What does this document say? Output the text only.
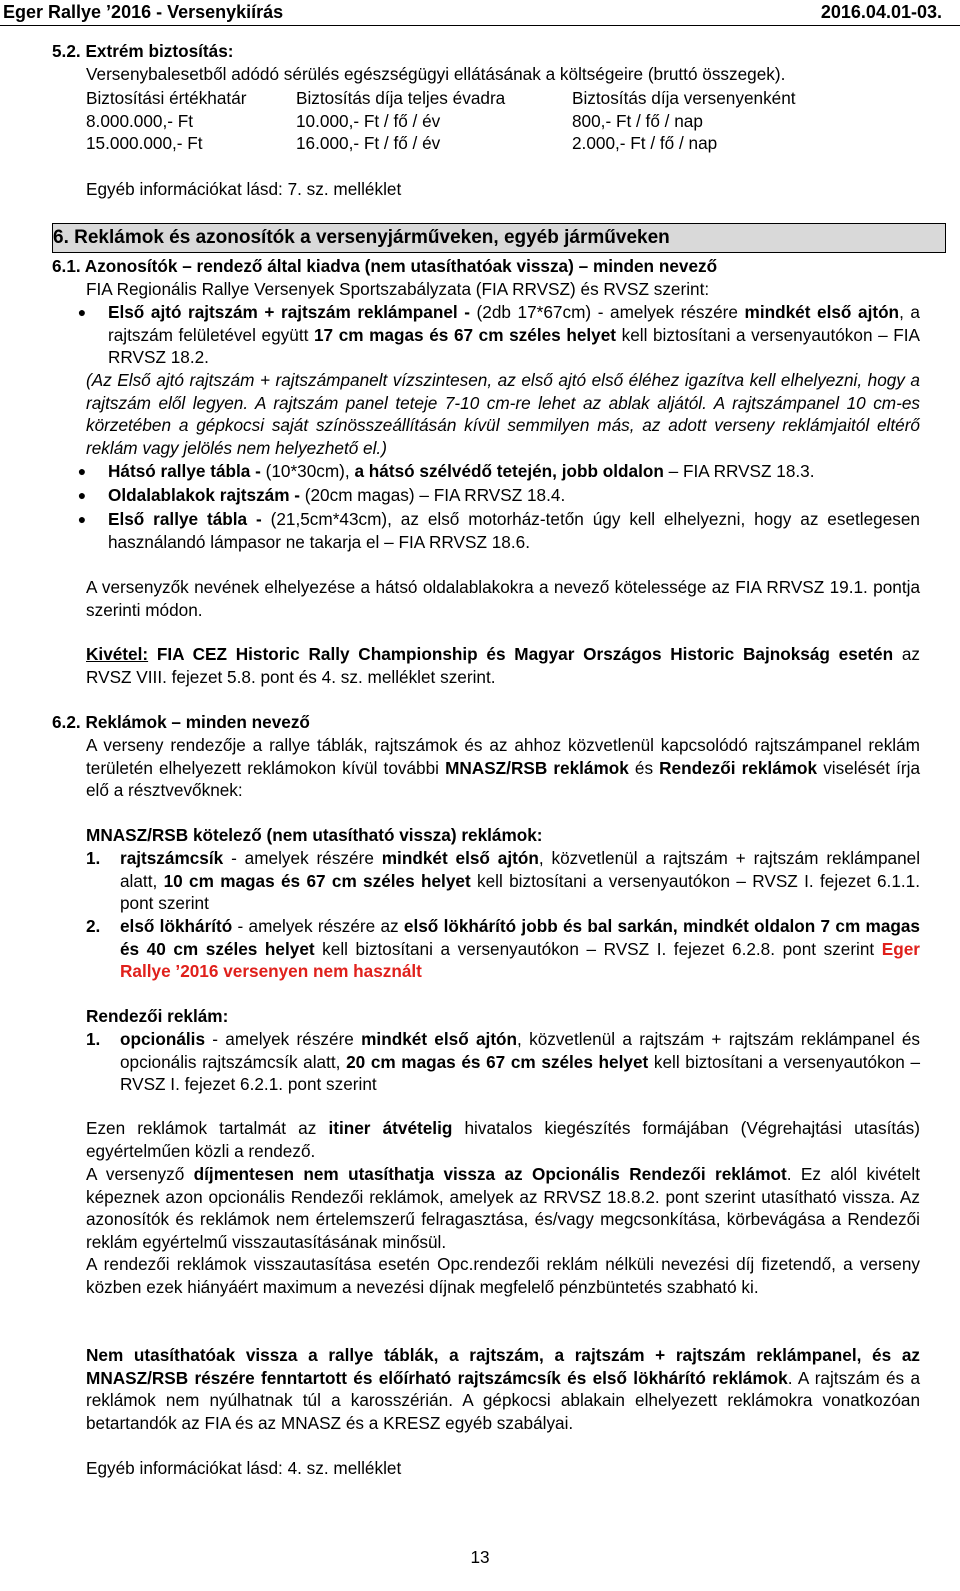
Eger Rallye ’2016 - Versenykiírás	2016.04.01-03.
5.2. Extrém biztosítás:
Versenybalesetből adódó sérülés egészségügyi ellátásának a költségeire (bruttó összegek).
Biztosítási értékhatár	Biztosítás díja teljes évadra	Biztosítás díja versenyenként
8.000.000,- Ft	10.000,- Ft / fő / év	800,- Ft / fő / nap
15.000.000,- Ft	16.000,- Ft / fő / év	2.000,- Ft / fő / nap
Egyéb információkat lásd: 7. sz. melléklet
6. Reklámok és azonosítók a versenyjárműveken, egyéb járműveken
6.1. Azonosítók – rendező által kiadva (nem utasíthatóak vissza) – minden nevező
FIA Regionális Rallye Versenyek Sportszabályzata (FIA RRVSZ) és RVSZ szerint:
● Első ajtó rajtszám + rajtszám reklámpanel - (2db 17*67cm) - amelyek részére mindkét első ajtón, a rajtszám felületével együtt 17 cm magas és 67 cm széles helyet kell biztosítani a versenyautókon – FIA RRVSZ 18.2.
(Az Első ajtó rajtszám + rajtszámpanelt vízszintesen, az első ajtó első éléhez igazítva kell elhelyezni, hogy a rajtszám elől legyen. A rajtszám panel teteje 7-10 cm-re lehet az ablak aljától. A rajtszámpanel 10 cm-es körzetében a gépkocsi saját színösszeállításán kívül semmilyen más, az adott verseny reklámjaitól eltérő reklám vagy jelölés nem helyezhető el.)
● Hátsó rallye tábla - (10*30cm), a hátsó szélvédő tetején, jobb oldalon – FIA RRVSZ 18.3.
● Oldalablakok rajtszám - (20cm magas) – FIA RRVSZ 18.4.
● Első rallye tábla - (21,5cm*43cm), az első motorház-tetőn úgy kell elhelyezni, hogy az esetlegesen használandó lámpasor ne takarja el – FIA RRVSZ 18.6.
A versenyzők nevének elhelyezése a hátsó oldalablakokra a nevező kötelessége az FIA RRVSZ 19.1. pontja szerinti módon.
Kivétel: FIA CEZ Historic Rally Championship és Magyar Országos Historic Bajnokság esetén az RVSZ VIII. fejezet 5.8. pont és 4. sz. melléklet szerint.
6.2. Reklámok – minden nevező
A verseny rendezője a rallye táblák, rajtszámok és az ahhoz közvetlenül kapcsolódó rajtszámpanel reklám területén elhelyezett reklámokon kívül további MNASZ/RSB reklámok és Rendezői reklámok viselését írja elő a résztvevőknek:
MNASZ/RSB kötelező (nem utasítható vissza) reklámok:
1. rajtszámcsík - amelyek részére mindkét első ajtón, közvetlenül a rajtszám + rajtszám reklámpanel alatt, 10 cm magas és 67 cm széles helyet kell biztosítani a versenyautókon – RVSZ I. fejezet 6.1.1. pont szerint
2. első lökhárító - amelyek részére az első lökhárító jobb és bal sarkán, mindkét oldalon 7 cm magas és 40 cm széles helyet kell biztosítani a versenyautókon – RVSZ I. fejezet 6.2.8. pont szerint Eger Rallye ’2016 versenyen nem használt
Rendezői reklám:
1. opcionális - amelyek részére mindkét első ajtón, közvetlenül a rajtszám + rajtszám reklámpanel és opcionális rajtszámcsík alatt, 20 cm magas és 67 cm széles helyet kell biztosítani a versenyautókon – RVSZ I. fejezet 6.2.1. pont szerint
Ezen reklámok tartalmát az itiner átvételig hivatalos kiegészítés formájában (Végrehajtási utasítás) egyértelműen közli a rendező.
A versenyző díjmentesen nem utasíthatja vissza az Opcionális Rendezői reklámot. Ez alól kivételt képeznek azon opcionális Rendezői reklámok, amelyek az RRVSZ 18.8.2. pont szerint utasítható vissza. Az azonosítók és reklámok nem értelemszerű felragasztása, és/vagy megcsonkítása, körbevágása a Rendezői reklám egyértelmű visszautasításának minősül.
A rendezői reklámok visszautasítása esetén Opc.rendezői reklám nélküli nevezési díj fizetendő, a verseny közben ezek hiányáért maximum a nevezési díjnak megfelelő pénzbüntetés szabható ki.
Nem utasíthatóak vissza a rallye táblák, a rajtszám, a rajtszám + rajtszám reklámpanel, és az MNASZ/RSB részére fenntartott és előírható rajtszámcsík és első lökhárító reklámok. A rajtszám és a reklámok nem nyúlhatnak túl a karosszérián. A gépkocsi ablakain elhelyezett reklámokra vonatkozóan betartandók az FIA és az MNASZ és a KRESZ egyéb szabályai.
Egyéb információkat lásd: 4. sz. melléklet
13
